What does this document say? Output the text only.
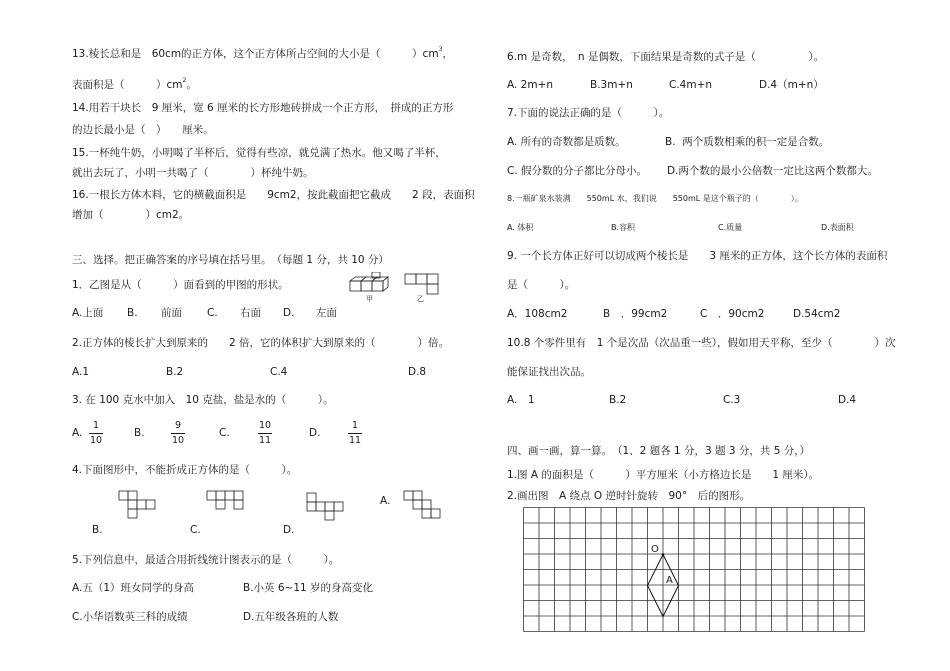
13.棱长总和是　60cm的正方体，这个正方体所占空间的大小是（　　　）$cm^3$，
表面积是（　　　）$cm^2$。
14.用若干块长　9 厘米，宽 6 厘米的长方形地砖拼成一个正方形，　拼成的正方形
的边长最小是（　）　　厘米。
15.一杯纯牛奶，小明喝了半杯后，觉得有些凉，就兑满了热水。他又喝了半杯，
就出去玩了，小明一共喝了（　　　　）杯纯牛奶。
16.一根长方体木料，它的横截面积是　　9cm2，按此截面把它截成　　2 段，表面积
增加（　　　　）cm2。
三、选择。把正确答案的序号填在括号里。　（每题 1 分，共 10 分）
1．乙图是从（　　　）面看到的甲图的形状。
甲	乙
A.上面 B. 前面 C. 右面 D. 左面
2.正方体的棱长扩大到原来的　　2 倍，它的体积扩大到原来的（　　　　）倍。
A.1	B.2	C.4	D.8
3. 在 100 克水中加入　10 克盐，盐是水的（　　　）。
A.
1
10
B.
9
10
C.
10
11
D.
1
11
4.下面图形中，不能折成正方体的是（　　　）。
B.	C.	D.
A.
5.下列信息中，最适合用折线统计图表示的是（　　　）。
A.五（1）班女同学的身高	B.小英 6~11 岁的身高变化
C.小华语数英三科的成绩	D.五年级各班的人数
6.m 是奇数，　n 是偶数，下面结果是奇数的式子是（　　　　　）。
A. 2m+n	B.3m+n	C.4m+n	D.4（m+n）
7.下面的说法正确的是（　　　）。
A. 所有的奇数都是质数。	B.  两个质数相乘的积一定是合数。
C. 假分数的分子都比分母小。 D.两个数的最小公倍数一定比这两个数都大。
8.一瓶矿泉水装满　　550mL 水，我们说　　550mL 是这个瓶子的（　　　　）。
A. 体积	B.容积	C.质量	D.表面积
9. 一个长方体正好可以切成两个棱长是　　3 厘米的正方体，这个长方体的表面积
是（　　　）。
A．108cm2	B　．99cm2	C　．90cm2	D.54cm2
10.8 个零件里有　1 个是次品（次品重一些），假如用天平称，至少（　　　　）次
能保证找出次品。
A.　1	B.2	C.3	D.4
四、画一画，算一算。　（1、2 题各 1 分，3 题 3 分，共 5 分，）
1.图 A 的面积是（　　　）平方厘米（小方格边长是　　1 厘米）。
2.画出图　A 绕点 O 逆时针旋转　90°　后的图形。
O
A
